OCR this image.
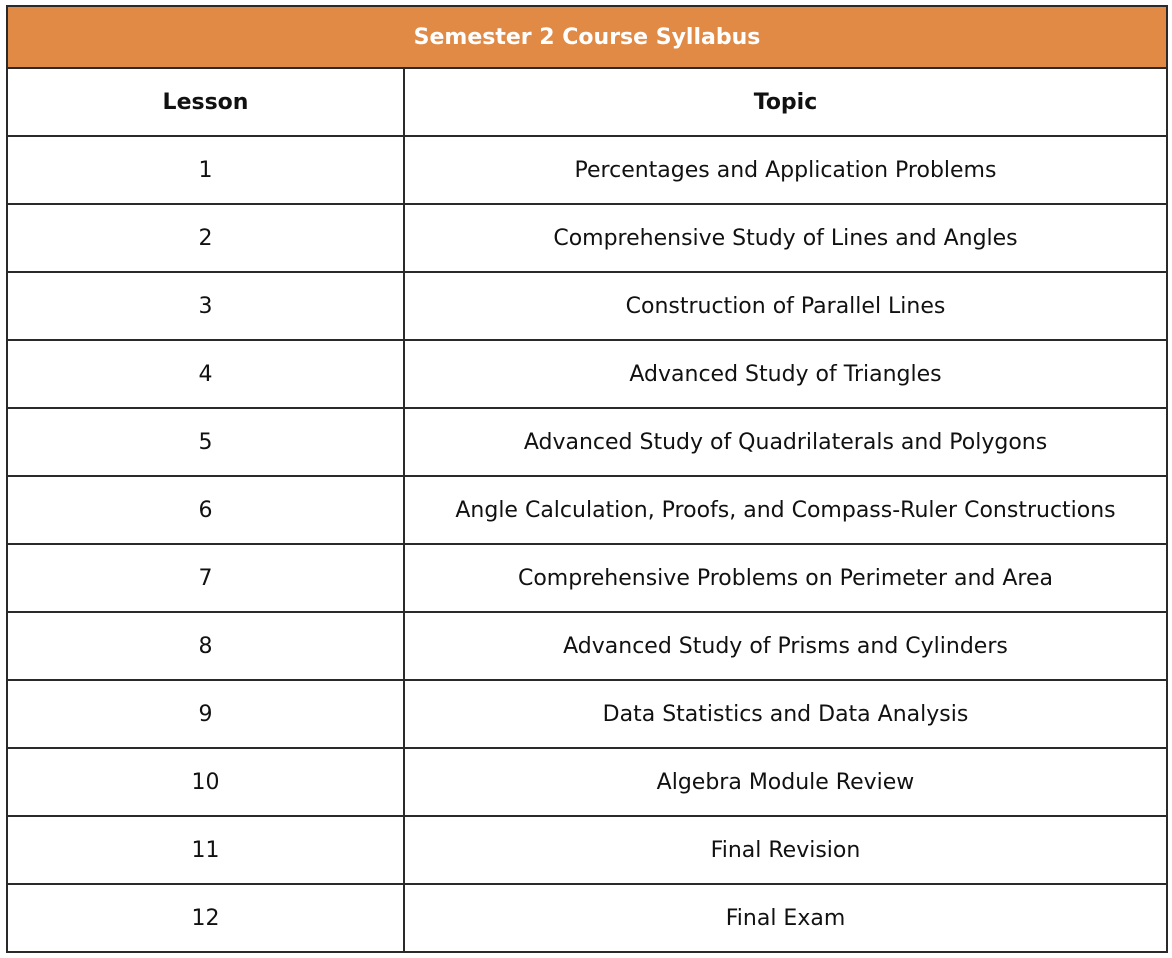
Semester 2 Course Syllabus	
Lesson	Topic
1	Percentages and Application Problems
2	Comprehensive Study of Lines and Angles
3	Construction of Parallel Lines
4	Advanced Study of Triangles
5	Advanced Study of Quadrilaterals and Polygons
6	Angle Calculation, Proofs, and Compass-Ruler Constructions
7	Comprehensive Problems on Perimeter and Area
8	Advanced Study of Prisms and Cylinders
9	Data Statistics and Data Analysis
10	Algebra Module Review
11	Final Revision
12	Final Exam
